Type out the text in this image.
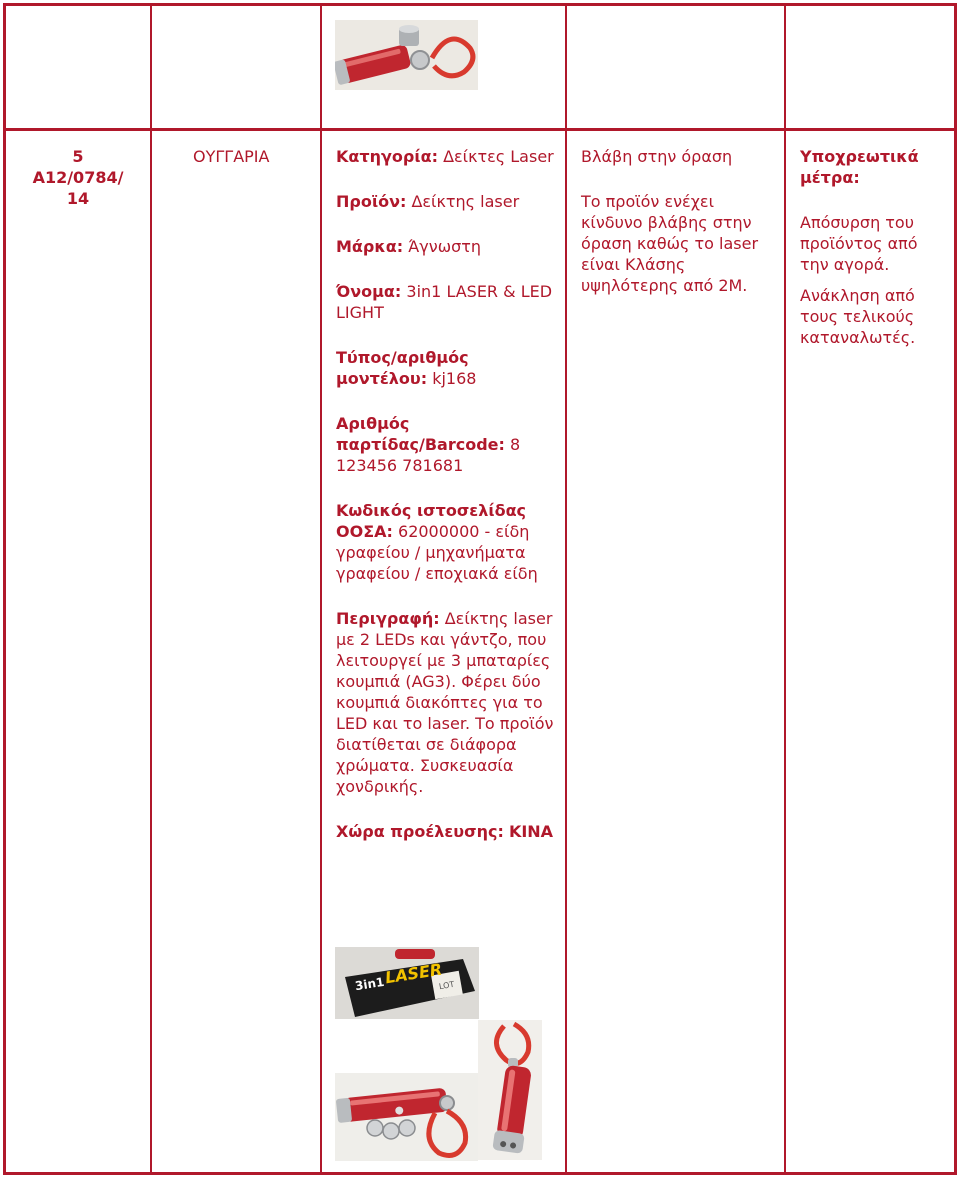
5
A12/0784/
14
ΟΥΓΓΑΡΙΑ	Κατηγορία: Δείκτες Laser

Προϊόν: Δείκτης laser

Μάρκα: Άγνωστη

Όνομα: 3in1 LASER & LED LIGHT

Τύπος/αριθμός μοντέλου: kj168

Αριθμός παρτίδας/Barcode: 8 123456 781681

Κωδικός ιστοσελίδας ΟΟΣΑ: 62000000 - είδη γραφείου / μηχανήματα γραφείου / εποχιακά είδη

Περιγραφή: Δείκτης laser με 2 LEDs και γάντζο, που λειτουργεί με 3 μπαταρίες κουμπιά (AG3). Φέρει δύο κουμπιά διακόπτες για το LED και το laser. Το προϊόν διατίθεται σε διάφορα χρώματα. Συσκευασία χονδρικής.

Χώρα προέλευσης: ΚΙΝΑ

Βλάβη στην όραση

Το προϊόν ενέχει κίνδυνο βλάβης στην όραση καθώς το laser είναι Κλάσης υψηλότερης από 2M.

Υποχρεωτικά μέτρα:

Απόσυρση του προϊόντος από την αγορά.

Ανάκληση από τους τελικούς καταναλωτές.

3in1
LASER
LOT
